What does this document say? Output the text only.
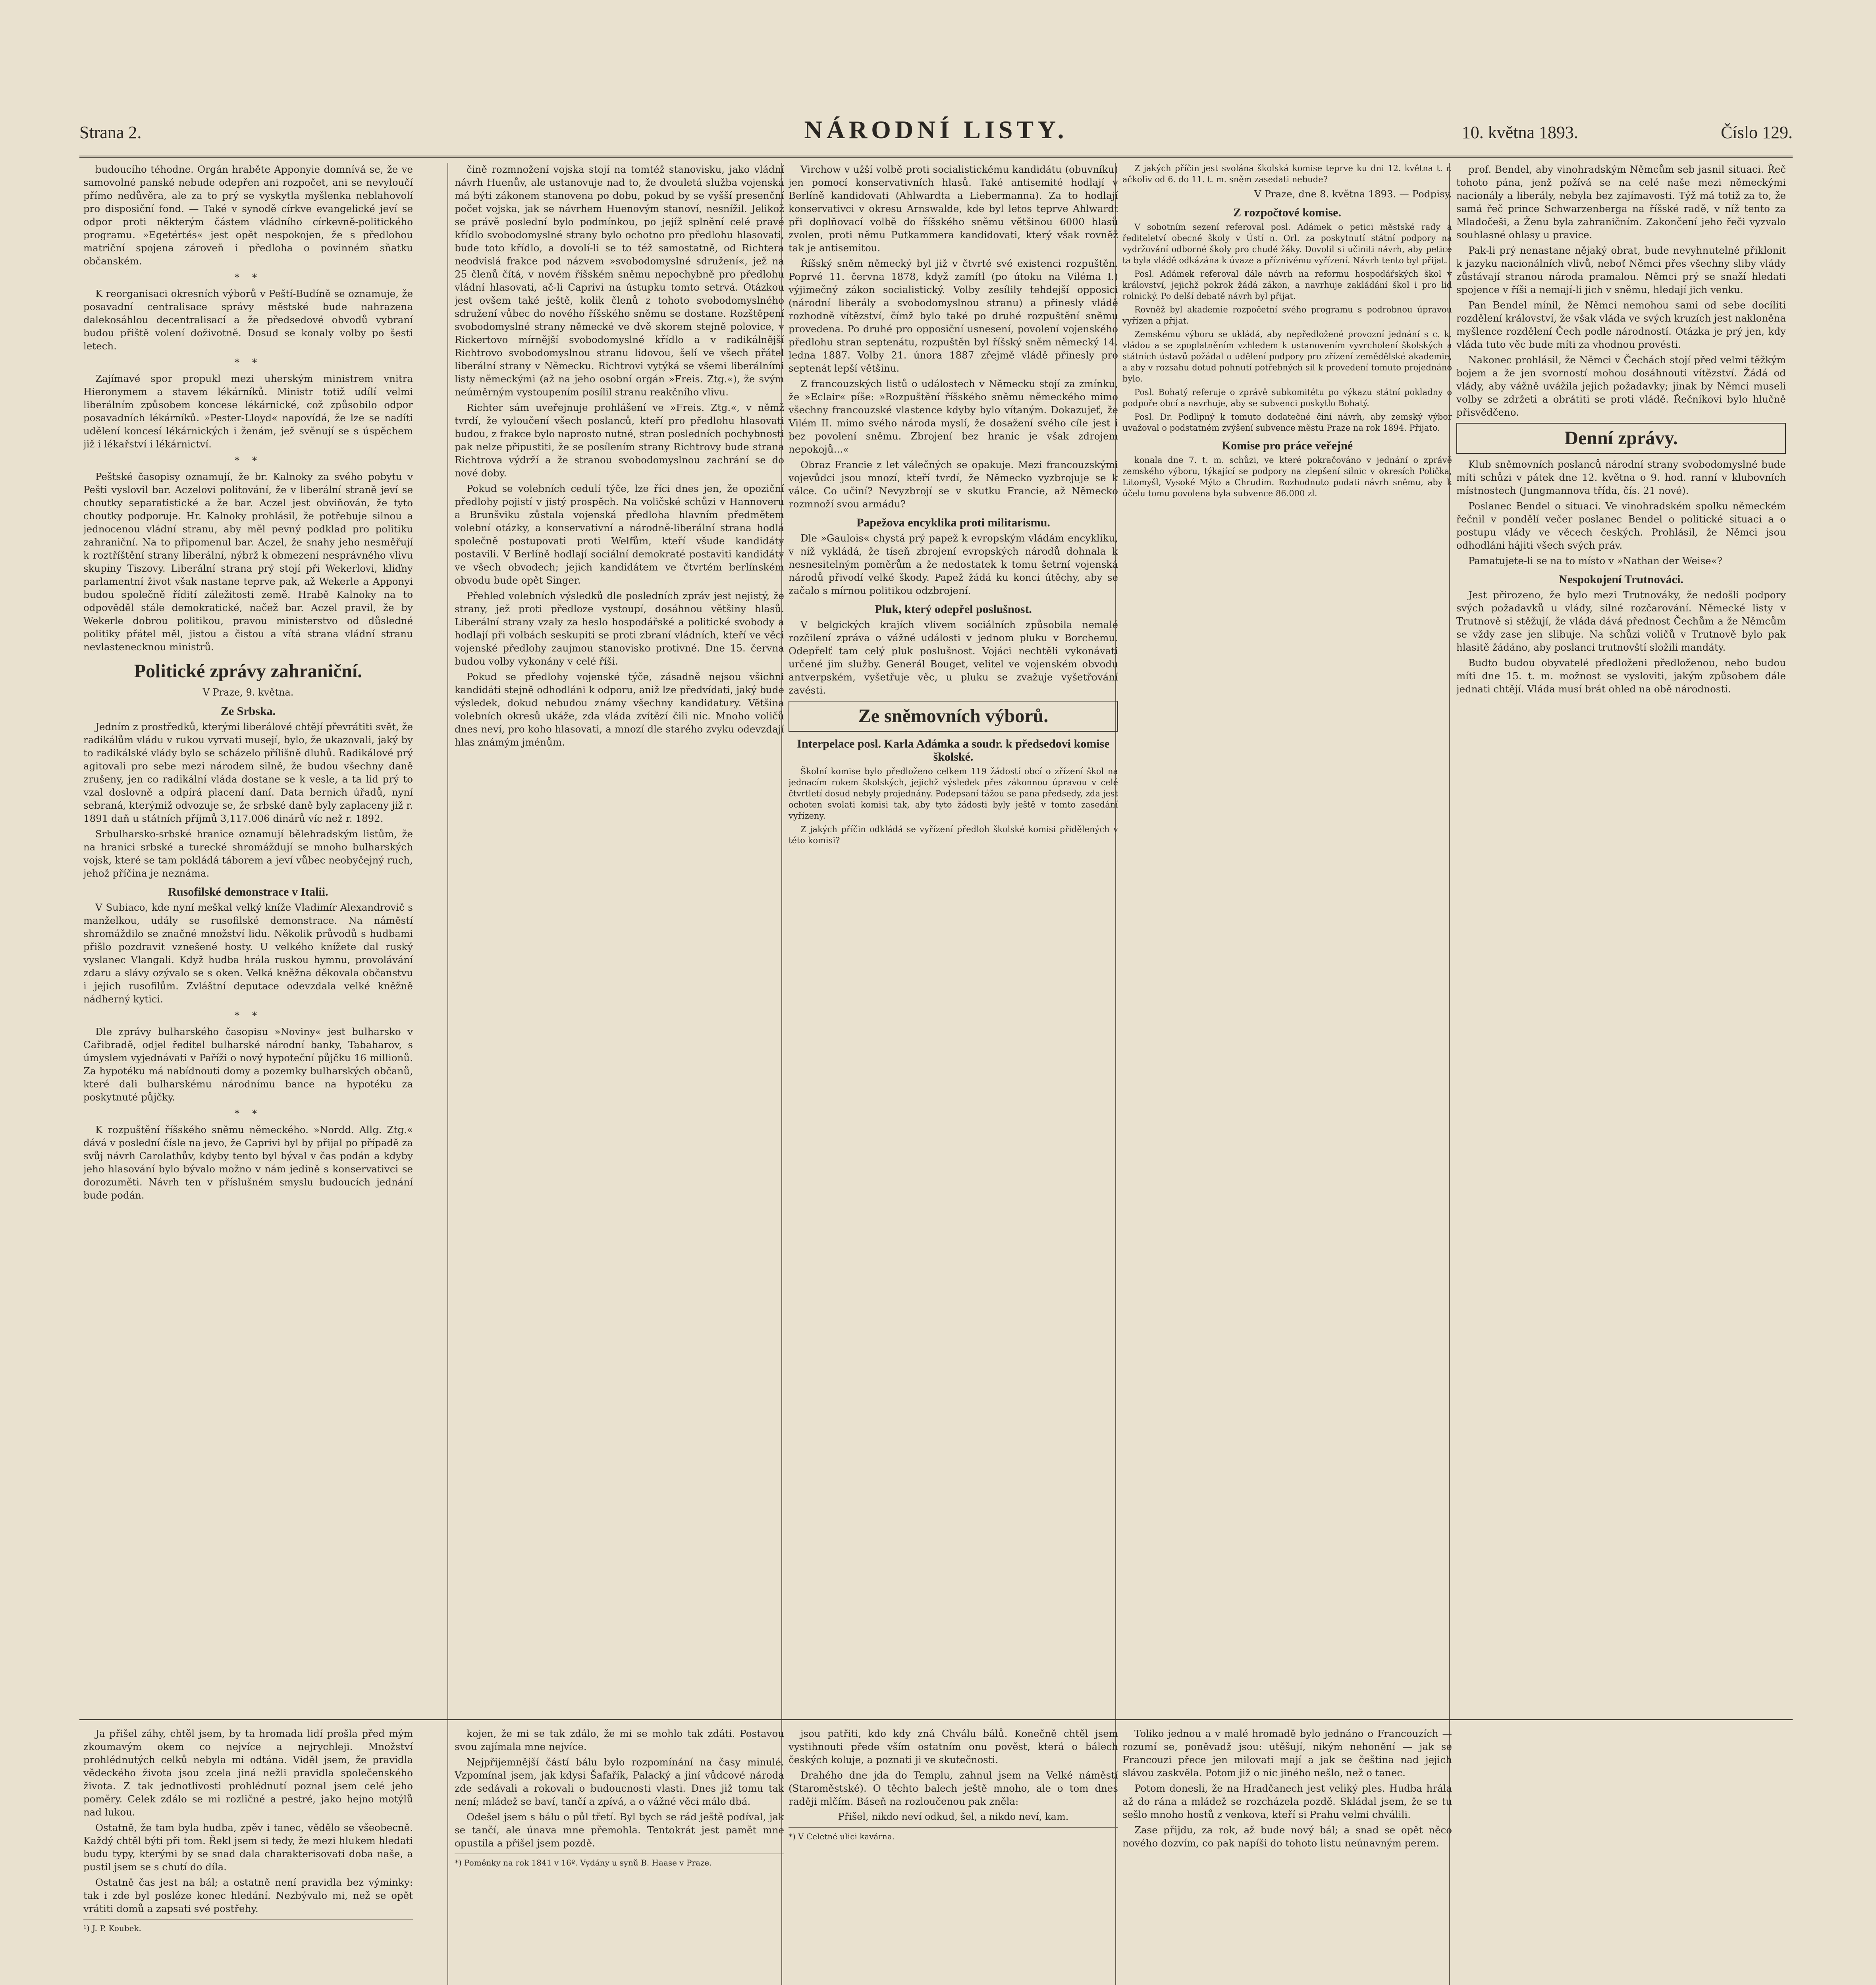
Strana 2.	NÁRODNÍ LISTY.	10. května 1893.	Číslo 129.

budoucího téhodne. Orgán hraběte Apponyie domnívá se, že ve samovolné panské nebude odepřen ani rozpočet, ani se nevyloučí přímo nedůvěra, ale za to prý se vyskytla myšlenka neblahovolí pro disposiční fond. — Také v synodě církve evangelické jeví se odpor proti některým částem vládního církevně-politického programu. »Egetértés« jest opět nespokojen, že s předlohou matriční spojena zároveň i předloha o povinném sňatku občanském.

* *

K reorganisaci okresních výborů v Peští-Budíně se oznamuje, že posavadní centralisace správy městské bude nahrazena dalekosáhlou decentralisací a že předsedové obvodů vybraní budou přiště volení doživotně. Dosud se konaly volby po šesti letech.

* *

Zajímavé spor propukl mezi uherským ministrem vnitra Hieronymem a stavem lékárníků. Ministr totiž udílí velmi liberálním způsobem koncese lékárnické, což způsobilo odpor posavadních lékárníků. »Pester-Lloyd« napovídá, že lze se nadíti udělení koncesí lékárnických i ženám, jež svěnují se s úspěchem již i lékařství i lékárnictví.

* *

Peštské časopisy oznamují, že br. Kalnoky za svého pobytu v Pešti vyslovil bar. Aczelovi politování, že v liberální straně jeví se choutky separatistické a že bar. Aczel jest obviňován, že tyto choutky podporuje. Hr. Kalnoky prohlásil, že potřebuje silnou a jednocenou vládní stranu, aby měl pevný podklad pro politiku zahraniční. Na to připomenul bar. Aczel, že snahy jeho nesměřují k roztříštění strany liberální, nýbrž k obmezení nesprávného vlivu skupiny Tiszovy. Liberální strana prý stojí při Wekerlovi, kliďny parlamentní život však nastane teprve pak, až Wekerle a Apponyi budou společně řídití záležitosti země. Hrabě Kalnoky na to odpověděl stále demokratické, načež bar. Aczel pravil, že by Wekerle dobrou politikou, pravou ministerstvo od důsledné politiky přátel měl, jistou a čistou a vítá strana vládní stranu nevlastenecknou ministrů.

Politické zprávy zahraniční.

V Praze, 9. května.

Ze Srbska.

Jedním z prostředků, kterými liberálové chtějí převrátiti svět, že radikálům vládu v rukou vyrvati musejí, bylo, že ukazovali, jaký by to radikálské vlády bylo se scházelo přílišně dluhů. Radikálové prý agitovali pro sebe mezi národem silně, že budou všechny daně zrušeny, jen co radikální vláda dostane se k vesle, a ta lid prý to vzal doslovně a odpírá placení daní. Data bernich úřadů, nyní sebraná, kterýmiž odvozuje se, že srbské daně byly zaplaceny již r. 1891 daň u státních příjmů 3,117.006 dinárů víc než r. 1892.

Srbulharsko-srbské hranice oznamují bělehradským listům, že na hranici srbské a turecké shromáždují se mnoho bulharských vojsk, které se tam pokládá táborem a jeví vůbec neobyčejný ruch, jehož příčina je neznáma.

Rusofilské demonstrace v Italii.

V Subiaco, kde nyní meškal velký kníže Vladimír Alexandrovič s manželkou, udály se rusofilské demonstrace. Na náměstí shromáždilo se značné množství lidu. Několik průvodů s hudbami přišlo pozdravit vznešené hosty. U velkého knížete dal ruský vyslanec Vlangali. Když hudba hrála ruskou hymnu, provolávání zdaru a slávy ozývalo se s oken. Velká kněžna děkovala občanstvu i jejich rusofilům. Zvláštní deputace odevzdala velké kněžně nádherný kytici.

* *

Dle zprávy bulharského časopisu »Noviny« jest bulharsko v Cařibradě, odjel ředitel bulharské národní banky, Tabaharov, s úmyslem vyjednávati v Paříži o nový hypoteční půjčku 16 millionů. Za hypotéku má nabídnouti domy a pozemky bulharských občanů, které dali bulharskému národnímu bance na hypotéku za poskytnuté půjčky.

* *

K rozpuštění říšského sněmu německého. »Nordd. Allg. Ztg.« dává v poslední čísle na jevo, že Caprivi byl by přijal po případě za svůj návrh Carolathův, kdyby tento byl býval v čas podán a kdyby jeho hlasování bylo bývalo možno v nám jedině s konservativci se dorozuměti. Návrh ten v příslušném smyslu budoucích jednání bude podán.

čině rozmnožení vojska stojí na tomtéž stanovisku, jako vládní návrh Huenův, ale ustanovuje nad to, že dvouletá služba vojenská má býti zákonem stanovena po dobu, pokud by se vyšší presenční počet vojska, jak se návrhem Huenovým stanoví, nesnížil. Jelikož se právě poslední bylo podmínkou, po jejíž splnění celé pravé křídlo svobodomyslné strany bylo ochotno pro předlohu hlasovati, bude toto křídlo, a dovolí-li se to též samostatně, od Richtera neodvislá frakce pod názvem »svobodomyslné sdružení«, jež na 25 členů čítá, v novém říšském sněmu nepochybně pro předlohu vládní hlasovati, ač-li Caprivi na ústupku tomto setrvá. Otázkou jest ovšem také ještě, kolik členů z tohoto svobodomyslného sdružení vůbec do nového říšského sněmu se dostane. Rozštěpení svobodomyslné strany německé ve dvě skorem stejně polovice, v Rickertovo mírnější svobodomyslné křídlo a v radikálnější Richtrovo svobodomyslnou stranu lidovou, šelí ve všech přátel liberální strany v Německu. Richtrovi vytýká se všemi liberálními listy německými (až na jeho osobní orgán »Freis. Ztg.«), že svým neúměrným vystoupením posílil stranu reakčního vlivu.

Richter sám uveřejnuje prohlášení ve »Freis. Ztg.«, v němž tvrdí, že vyloučení všech poslanců, kteří pro předlohu hlasovati budou, z frakce bylo naprosto nutné, stran posledních pochybnosti pak nelze připustiti, že se posílením strany Richtrovy bude strana Richtrova výdrží a že stranou svobodomyslnou zachrání se do nové doby.

Pokud se volebních cedulí týče, lze říci dnes jen, že opoziční předlohy pojistí v jistý prospěch. Na voličské schůzi v Hannoveru a Brunšviku zůstala vojenská předloha hlavním předmětem volební otázky, a konservativní a národně-liberální strana hodlá společně postupovati proti Welfům, kteří všude kandidáty postavili. V Berlíně hodlají sociální demokraté postaviti kandidáty ve všech obvodech; jejich kandidátem ve čtvrtém berlínském obvodu bude opět Singer.

Přehled volebních výsledků dle posledních zpráv jest nejistý, že strany, jež proti předloze vystoupí, dosáhnou většiny hlasů. Liberální strany vzaly za heslo hospodářské a politické svobody a hodlají při volbách seskupiti se proti zbraní vládních, kteří ve věci vojenské předlohy zaujmou stanovisko protivné. Dne 15. června budou volby vykonány v celé říši.

Pokud se předlohy vojenské týče, zásadně nejsou všichni kandidáti stejně odhodláni k odporu, aniž lze předvídati, jaký bude výsledek, dokud nebudou známy všechny kandidatury. Většina volebních okresů ukáže, zda vláda zvítězí čili nic. Mnoho voličů dnes neví, pro koho hlasovati, a mnozí dle starého zvyku odevzdají hlas známým jménům.

Virchow v užší volbě proti socialistickému kandidátu (obuvníku) jen pomocí konservativních hlasů. Také antisemité hodlají v Berlíně kandidovati (Ahlwardta a Liebermanna). Za to hodlají konservativci v okresu Arnswalde, kde byl letos teprve Ahlwardt při doplňovací volbě do říšského sněmu většinou 6000 hlasů zvolen, proti němu Putkammera kandidovati, který však rovněž tak je antisemitou.

Říšský sněm německý byl již v čtvrté své existenci rozpuštěn. Poprvé 11. června 1878, když zamítl (po útoku na Viléma I.) výjimečný zákon socialistický. Volby zesílily tehdejší opposici (národní liberály a svobodomyslnou stranu) a přinesly vládě rozhodně vítězství, čímž bylo také po druhé rozpuštění sněmu provedena. Po druhé pro opposiční usnesení, povolení vojenského předlohu stran septenátu, rozpuštěn byl říšský sněm německý 14. ledna 1887. Volby 21. února 1887 zřejmě vládě přinesly pro septenát lepší většinu.

Z francouzských listů o událostech v Německu stojí za zmínku, že »Eclair« píše: »Rozpuštění říšského sněmu německého mimo všechny francouzské vlastence kdyby bylo vítaným. Dokazujeť, že Vilém II. mimo svého národa myslí, že dosažení svého cíle jest i bez povolení sněmu. Zbrojení bez hranic je však zdrojem nepokojů...«

Obraz Francie z let válečných se opakuje. Mezi francouzskými vojevůdci jsou mnozí, kteří tvrdí, že Německo vyzbrojuje se k válce. Co učiní? Nevyzbrojí se v skutku Francie, až Německo rozmnoží svou armádu?

Papežova encyklika proti militarismu.

Dle »Gaulois« chystá prý papež k evropským vládám encykliku, v níž vykládá, že tíseň zbrojení evropských národů dohnala k nesnesitelným poměrům a že nedostatek k tomu šetrní vojenská národů přivodí velké škody. Papež žádá ku konci útěchy, aby se začalo s mírnou politikou odzbrojení.

Pluk, který odepřel poslušnost.

V belgických krajích vlivem sociálních způsobila nemalé rozčilení zpráva o vážné události v jednom pluku v Borchemu. Odepřelť tam celý pluk poslušnost. Vojáci nechtěli vykonávati určené jim služby. Generál Bouget, velitel ve vojenském obvodu antverpském, vyšetřuje věc, u pluku se zvažuje vyšetřování zavésti.

Ze sněmovních výborů.
Interpelace posl. Karla Adámka a soudr. k předsedovi komise školské.

Školní komise bylo předloženo celkem 119 žádostí obcí o zřízení škol na jednacím rokem školských, jejichž výsledek přes zákonnou úpravou v celé čtvrtletí dosud nebyly projednány. Podepsaní tážou se pana předsedy, zda jest ochoten svolati komisi tak, aby tyto žádosti byly ještě v tomto zasedání vyřízeny.

Z jakých příčin odkládá se vyřízení předloh školské komisi přidělených v této komisi?

Z jakých příčin jest svolána školská komise teprve ku dni 12. května t. r. ačkoliv od 6. do 11. t. m. sněm zasedati nebude?

V Praze, dne 8. května 1893. — Podpisy.

Z rozpočtové komise.

V sobotním sezení referoval posl. Adámek o petici městské rady a řediteletví obecné školy v Ústí n. Orl. za poskytnutí státní podpory na vydržování odborné školy pro chudé žáky. Dovolil si učiniti návrh, aby petice ta byla vládě odkázána k úvaze a příznivému vyřízení. Návrh tento byl přijat.

Posl. Adámek referoval dále návrh na reformu hospodářských škol v království, jejichž pokrok žádá zákon, a navrhuje zakládání škol i pro lid rolnický. Po delší debatě návrh byl přijat.

Rovněž byl akademie rozpočetní svého programu s podrobnou úpravou vyřízen a přijat.

Zemskému výboru se ukládá, aby nepředložené provozní jednání s c. k. vládou a se zpoplatněním vzhledem k ustanovením vyvrcholení školských a státních ústavů požádal o udělení podpory pro zřízení zemědělské akademie, a aby v rozsahu dotud pohnutí potřebných sil k provedení tomuto projednáno bylo.

Posl. Bohatý referuje o zprávě subkomitétu po výkazu státní pokladny o podpoře obcí a navrhuje, aby se subvenci poskytlo Bohatý.

Posl. Dr. Podlipný k tomuto dodatečné činí návrh, aby zemský výbor uvažoval o podstatném zvýšení subvence městu Praze na rok 1894. Přijato.

Komise pro práce veřejné

konala dne 7. t. m. schůzi, ve které pokračováno v jednání o zprávě zemského výboru, týkající se podpory na zlepšení silnic v okresích Polička, Litomyšl, Vysoké Mýto a Chrudim. Rozhodnuto podati návrh sněmu, aby k účelu tomu povolena byla subvence 86.000 zl.

prof. Bendel, aby vinohradským Němcům seb jasnil situaci. Řeč tohoto pána, jenž požívá se na celé naše mezi německými nacionály a liberály, nebyla bez zajímavosti. Týž má totiž za to, že samá řeč prince Schwarzenberga na říšské radě, v níž tento za Mladočeši, a Ženu byla zahraničním. Zakončení jeho řeči vyzvalo souhlasné ohlasy u pravice.

Pak-li prý nenastane nějaký obrat, bude nevyhnutelné přiklonit k jazyku nacionálních vlivů, neboť Němci přes všechny sliby vlády zůstávají stranou národa pramalou. Němci prý se snaží hledati spojence v říši a nemají-li jich v sněmu, hledají jich venku.

Pan Bendel mínil, že Němci nemohou sami od sebe docíliti rozdělení království, že však vláda ve svých kruzích jest nakloněna myšlence rozdělení Čech podle národností. Otázka je prý jen, kdy vláda tuto věc bude míti za vhodnou provésti.

Nakonec prohlásil, že Němci v Čechách stojí před velmi těžkým bojem a že jen svorností mohou dosáhnouti vítězství. Žádá od vlády, aby vážně uvážila jejich požadavky; jinak by Němci museli volby se zdržeti a obrátiti se proti vládě. Řečníkovi bylo hlučně přisvědčeno.

Denní zprávy.

Klub sněmovních poslanců národní strany svobodomyslné bude míti schůzi v pátek dne 12. května o 9. hod. ranní v klubovních místnostech (Jungmannova třída, čís. 21 nové).

Poslanec Bendel o situaci. Ve vinohradském spolku německém řečnil v pondělí večer poslanec Bendel o politické situaci a o postupu vlády ve věcech českých. Prohlásil, že Němci jsou odhodláni hájiti všech svých práv.

Pamatujete-li se na to místo v »Nathan der Weise«?

Nespokojení Trutnováci.

Jest přirozeno, že bylo mezi Trutnováky, že nedošli podpory svých požadavků u vlády, silné rozčarování. Německé listy v Trutnově si stěžují, že vláda dává přednost Čechům a že Němcům se vždy zase jen slibuje. Na schůzi voličů v Trutnově bylo pak hlasitě žádáno, aby poslanci trutnovští složili mandáty.

Budto budou obyvatelé předloženi předloženou, nebo budou míti dne 15. t. m. možnost se vysloviti, jakým způsobem dále jednati chtějí. Vláda musí brát ohled na obě národnosti.

Ja přišel záhy, chtěl jsem, by ta hromada lidí prošla před mým zkoumavým okem co nejvíce a nejrychleji. Množství prohlédnutých celků nebyla mi odtána. Viděl jsem, že pravidla vědeckého života jsou zcela jiná nežli pravidla společenského života. Z tak jednotlivosti prohlédnutí poznal jsem celé jeho poměry. Celek zdálo se mi rozličné a pestré, jako hejno motýlů nad lukou.

Ostatně, že tam byla hudba, zpěv i tanec, vědělo se všeobecně. Každý chtěl býti při tom. Řekl jsem si tedy, že mezi hlukem hledati budu typy, kterými by se snad dala charakterisovati doba naše, a pustil jsem se s chutí do díla.

Ostatně čas jest na bál; a ostatně není pravidla bez výminky: tak i zde byl posléze konec hledání. Nezbývalo mi, než se opět vrátiti domů a zapsati své postřehy.

¹) J. P. Koubek.

kojen, že mi se tak zdálo, že mi se mohlo tak zdáti. Postavou svou zajímala mne nejvíce.

Nejpřijemnější částí bálu bylo rozpomínání na časy minulé. Vzpomínal jsem, jak kdysi Šafařík, Palacký a jiní vůdcové národa zde sedávali a rokovali o budoucnosti vlasti. Dnes již tomu tak není; mládež se baví, tančí a zpívá, a o vážné věci málo dbá.

Odešel jsem s bálu o půl třetí. Byl bych se rád ještě podíval, jak se tančí, ale únava mne přemohla. Tentokrát jest pamět mne opustila a přišel jsem pozdě.

*) Poměnky na rok 1841 v 16º. Vydány u synů B. Haase v Praze.

jsou patřiti, kdo kdy zná Chválu bálů. Konečně chtěl jsem vystihnouti přede vším ostatním onu pověst, která o bálech českých koluje, a poznati ji ve skutečnosti.

Drahého dne jda do Templu, zahnul jsem na Velké náměstí (Staroměstské). O těchto balech ještě mnoho, ale o tom dnes raději mlčím. Báseň na rozloučenou pak zněla:

Přišel, nikdo neví odkud, šel, a nikdo neví, kam.

*) V Celetné ulici kavárna.

Toliko jednou a v malé hromadě bylo jednáno o Francouzích — rozumí se, poněvadž jsou: utěšují, nikým nehonění — jak se Francouzi přece jen milovati mají a jak se čeština nad jejich slávou zaskvěla. Potom již o nic jiného nešlo, než o tanec.

Potom donesli, že na Hradčanech jest veliký ples. Hudba hrála až do rána a mládež se rozcházela pozdě. Skládal jsem, že se tu sešlo mnoho hostů z venkova, kteří si Prahu velmi chválili.

Zase přijdu, za rok, až bude nový bál; a snad se opět něco nového dozvím, co pak napíši do tohoto listu neúnavným perem.
